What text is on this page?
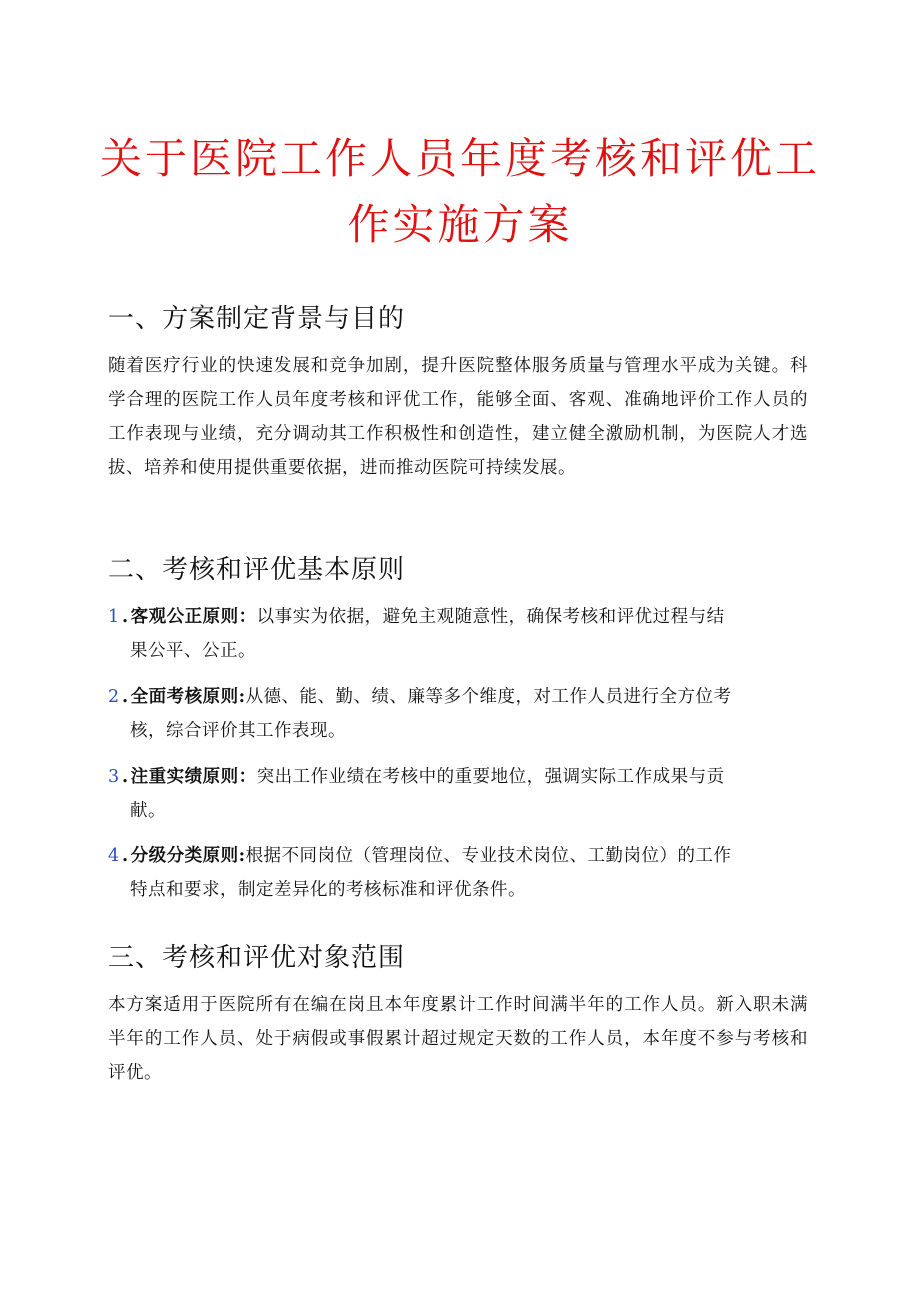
关于医院工作人员年度考核和评优工
作实施方案
一、方案制定背景与目的

随着医疗行业的快速发展和竞争加剧，提升医院整体服务质量与管理水平成为关键。科学合理的医院工作人员年度考核和评优工作，能够全面、客观、准确地评价工作人员的工作表现与业绩，充分调动其工作积极性和创造性，建立健全激励机制，为医院人才选拔、培养和使用提供重要依据，进而推动医院可持续发展。

二、考核和评优基本原则
1 . 客观公正原则：以事实为依据，避免主观随意性，确保考核和评优过程与结
果公平、公正。
2 . 全面考核原则:从德、能、勤、绩、廉等多个维度，对工作人员进行全方位考
核，综合评价其工作表现。
3 . 注重实绩原则：突出工作业绩在考核中的重要地位，强调实际工作成果与贡
献。
4 . 分级分类原则:根据不同岗位（管理岗位、专业技术岗位、工勤岗位）的工作
特点和要求，制定差异化的考核标准和评优条件。
三、考核和评优对象范围

本方案适用于医院所有在编在岗且本年度累计工作时间满半年的工作人员。新入职未满半年的工作人员、处于病假或事假累计超过规定天数的工作人员，本年度不参与考核和评优。
